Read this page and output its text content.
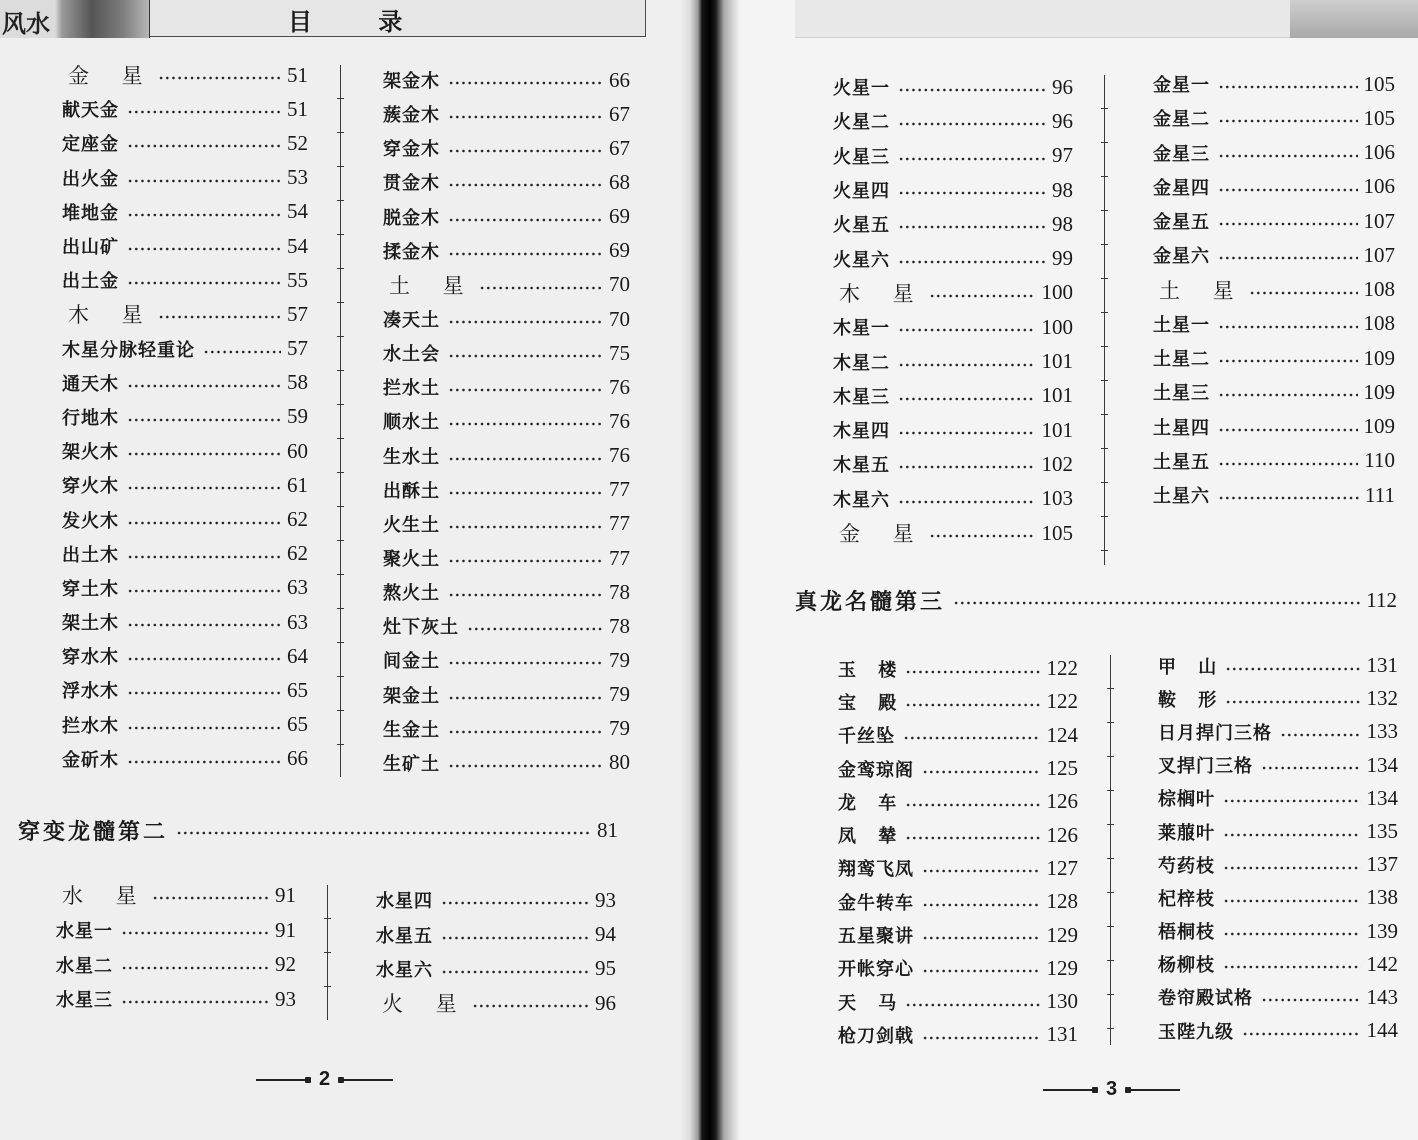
风水	目 录
金 星	51
献天金	51
定座金	52
出火金	53
堆地金	54
出山矿	54
出土金	55
木 星	57
木星分脉轻重论	57
通天木	58
行地木	59
架火木	60
穿火木	61
发火木	62
出土木	62
穿土木	63
架土木	63
穿水木	64
浮水木	65
拦水木	65
金斫木	66
架金木	66
蔟金木	67
穿金木	67
贯金木	68
脱金木	69
揉金木	69
土 星	70
凑天土	70
水土会	75
拦水土	76
顺水土	76
生水土	76
出酥土	77
火生土	77
聚火土	77
熬火土	78
灶下灰土	78
间金土	79
架金土	79
生金土	79
生矿土	80
穿变龙髓第二	81
水 星	91
水星一	91
水星二	92
水星三	93
水星四	93
水星五	94
水星六	95
火 星	96
火星一	96
火星二	96
火星三	97
火星四	98
火星五	98
火星六	99
木 星	100
木星一	100
木星二	101
木星三	101
木星四	101
木星五	102
木星六	103
金 星	105
金星一	105
金星二	105
金星三	106
金星四	106
金星五	107
金星六	107
土 星	108
土星一	108
土星二	109
土星三	109
土星四	109
土星五	110
土星六	111
真龙名髓第三	112
玉 楼	122
宝 殿	122
千丝坠	124
金鸾琼阁	125
龙 车	126
凤 辇	126
翔鸾飞凤	127
金牛转车	128
五星聚讲	129
开帐穿心	129
天 马	130
枪刀剑戟	131
甲 山	131
鞍 形	132
日月捍门三格	133
叉捍门三格	134
棕榈叶	134
莱菔叶	135
芍药枝	137
杞梓枝	138
梧桐枝	139
杨柳枝	142
卷帘殿试格	143
玉陛九级	144
2	3
